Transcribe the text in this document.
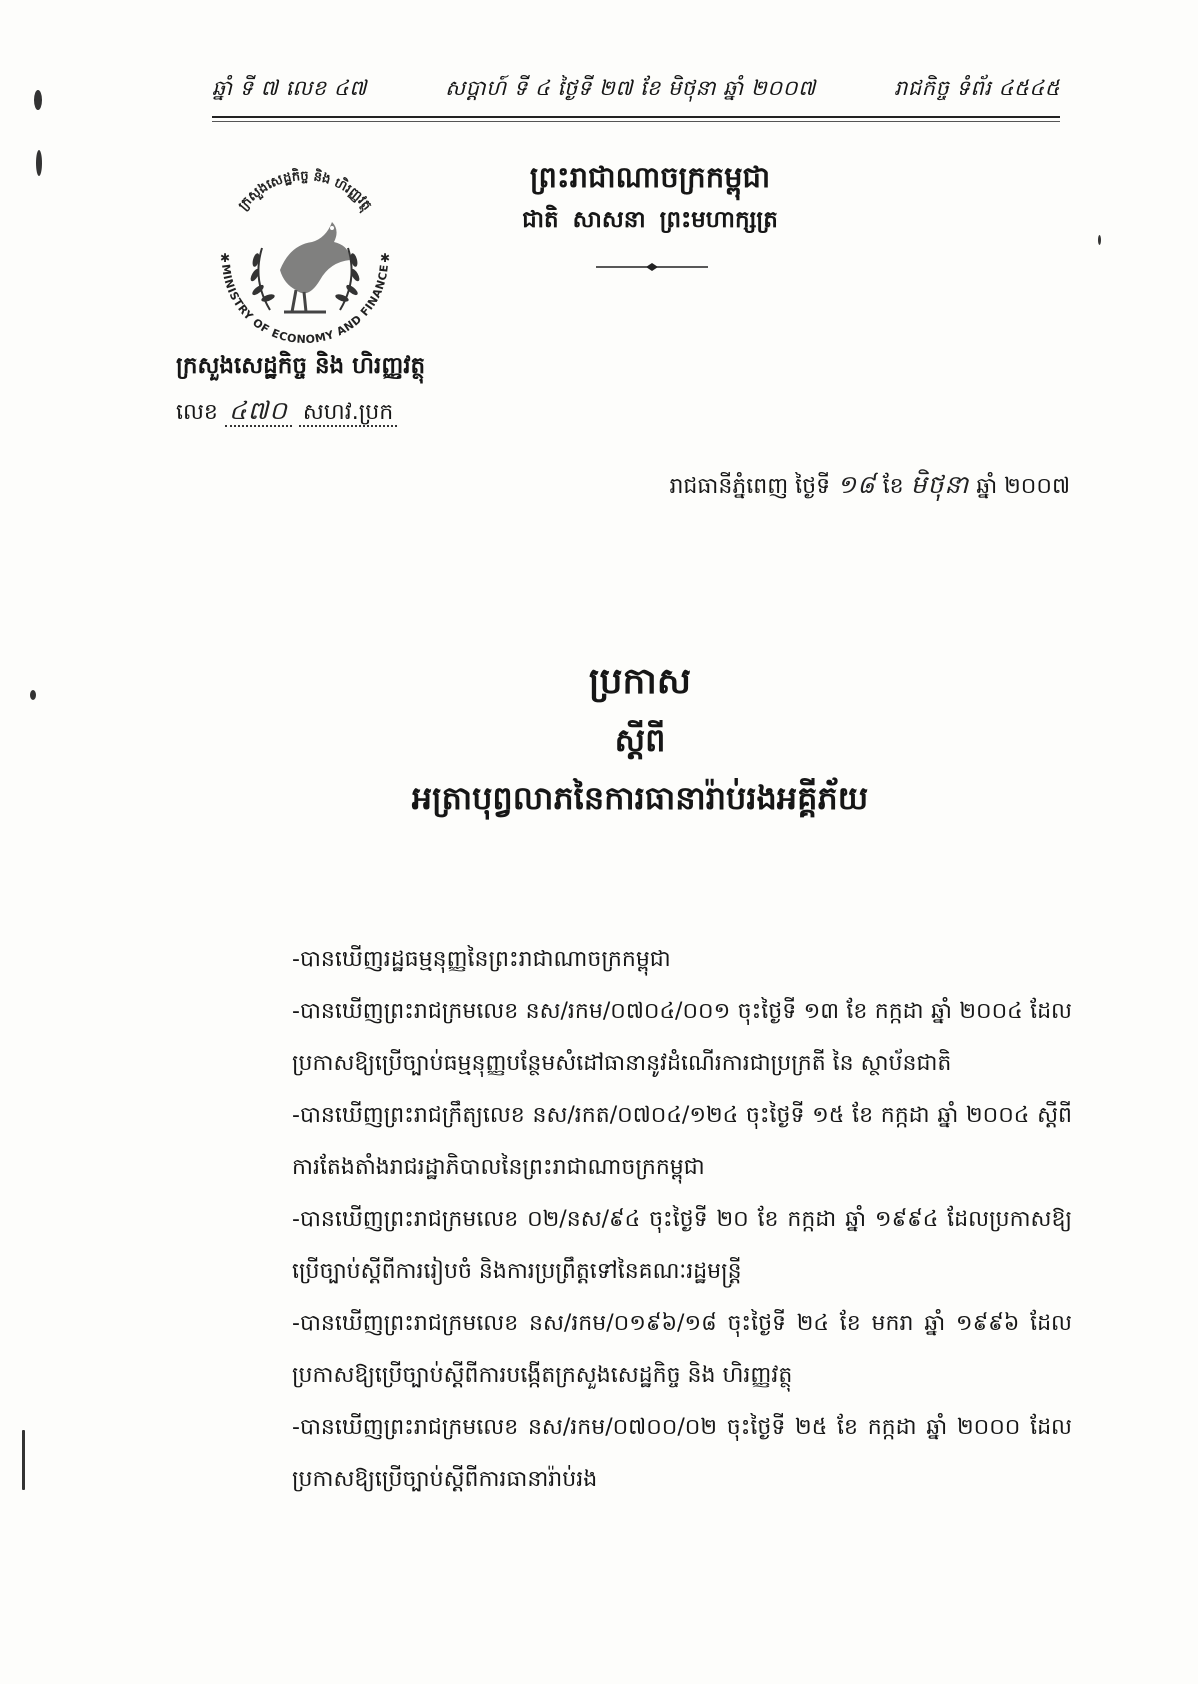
ឆ្នាំ ទី ៧ លេខ ៤៧	សប្តាហ៍ ទី ៤ ថ្ងៃទី ២៧ ខែ មិថុនា ឆ្នាំ ២០០៧	រាជកិច្ច ទំព័រ ៤៥៤៥
ព្រះរាជាណាចក្រកម្ពុជា
ជាតិ សាសនា ព្រះមហាក្សត្រ
ក្រសួងសេដ្ឋកិច្ច និង ហិរញ្ញវត្ថុ
MINISTRY OF ECONOMY AND FINANCE
✱	✱
ក្រសួងសេដ្ឋកិច្ច និង ហិរញ្ញវត្ថុ
លេខ ៤៧០ សហវ.ប្រក
រាជធានីភ្នំពេញ ថ្ងៃទី ១៨ ខែ មិថុនា ឆ្នាំ ២០០៧
ប្រកាស
ស្តីពី
អត្រាបុព្វលាភនៃការធានារ៉ាប់រងអគ្គីភ័យ

-បានឃើញរដ្ឋធម្មនុញ្ញនៃព្រះរាជាណាចក្រកម្ពុជា

-បានឃើញព្រះរាជក្រមលេខ នស/រកម/០៧០៤/០០១ ចុះថ្ងៃទី ១៣ ខែ កក្កដា ឆ្នាំ ២០០៤ ដែលប្រកាសឱ្យប្រើច្បាប់ធម្មនុញ្ញបន្ថែមសំដៅធានានូវដំណើរការជាប្រក្រតី នៃ ស្ថាប័នជាតិ

-បានឃើញព្រះរាជក្រឹត្យលេខ នស/រកត/០៧០៤/១២៤ ចុះថ្ងៃទី ១៥ ខែ កក្កដា ឆ្នាំ ២០០៤ ស្តីពីការតែងតាំងរាជរដ្ឋាភិបាលនៃព្រះរាជាណាចក្រកម្ពុជា

-បានឃើញព្រះរាជក្រមលេខ ០២/នស/៩៤ ចុះថ្ងៃទី ២០ ខែ កក្កដា ឆ្នាំ ១៩៩៤ ដែលប្រកាសឱ្យប្រើច្បាប់ស្តីពីការរៀបចំ និងការប្រព្រឹត្តទៅនៃគណៈរដ្ឋមន្ត្រី

-បានឃើញព្រះរាជក្រមលេខ នស/រកម/០១៩៦/១៨ ចុះថ្ងៃទី ២៤ ខែ មករា ឆ្នាំ ១៩៩៦ ដែលប្រកាសឱ្យប្រើច្បាប់ស្តីពីការបង្កើតក្រសួងសេដ្ឋកិច្ច និង ហិរញ្ញវត្ថុ

-បានឃើញព្រះរាជក្រមលេខ នស/រកម/០៧០០/០២ ចុះថ្ងៃទី ២៥ ខែ កក្កដា ឆ្នាំ ២០០០ ដែលប្រកាសឱ្យប្រើច្បាប់ស្តីពីការធានារ៉ាប់រង
